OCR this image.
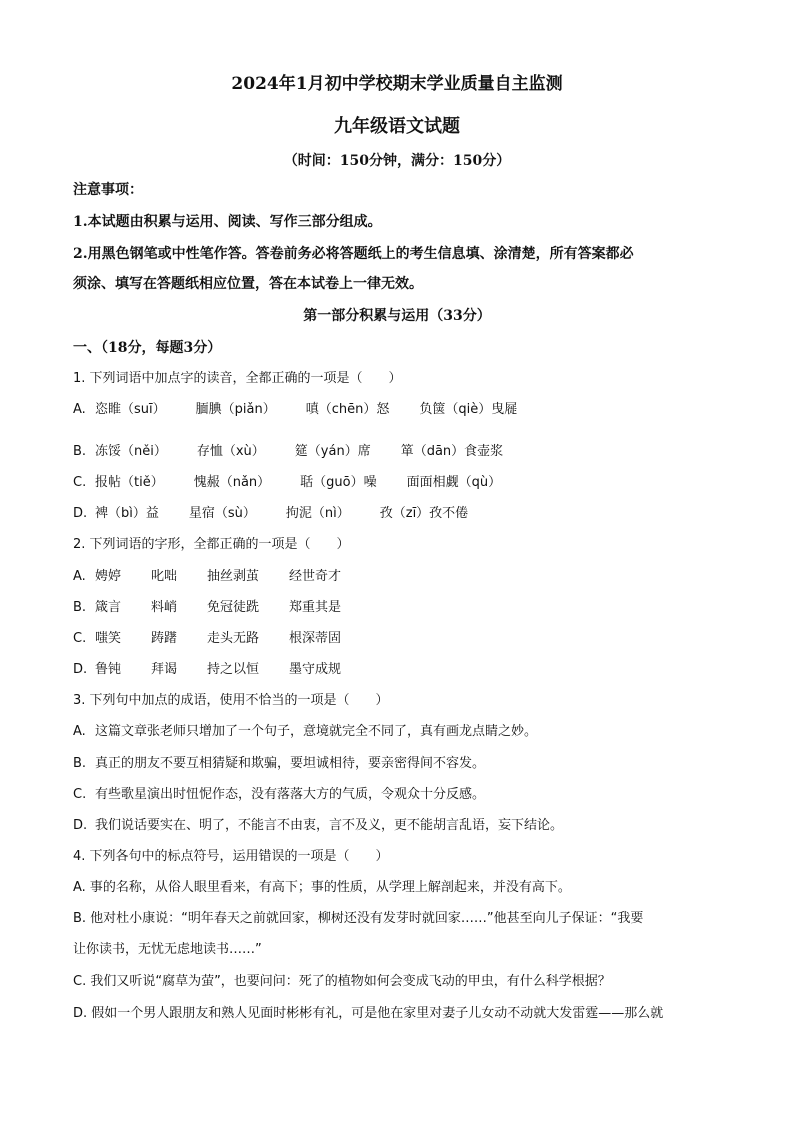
2024年1月初中学校期末学业质量自主监测
九年级语文试题
（时间：150分钟，满分：150分）
注意事项：
1.本试题由积累与运用、阅读、写作三部分组成。
2.用黑色钢笔或中性笔作答。答卷前务必将答题纸上的考生信息填、涂清楚，所有答案都必
须涂、填写在答题纸相应位置，答在本试卷上一律无效。
第一部分积累与运用（33分）
一、（18分，每题3分）
1. 下列词语中加点字的读音，全都正确的一项是（　　）
A. 恣睢（suī） 腼腆（piǎn） 嗔（chēn）怒 负箧（qiè）曳屣
B. 冻馁（něi） 存恤（xù） 筵（yán）席 箪（dān）食壶浆
C. 报帖（tiě） 愧赧（nǎn） 聒（guō）噪 面面相觑（qù）
D. 裨（bì）益 星宿（sù） 拘泥（nì） 孜（zī）孜不倦
2. 下列词语的字形，全都正确的一项是（　　）
A. 娉婷 叱咄 抽丝剥茧 经世奇才
B. 箴言 料峭 免冠徒跣 郑重其是
C. 嗤笑 踌躇 走头无路 根深蒂固
D. 鲁钝 拜谒 持之以恒 墨守成规
3. 下列句中加点的成语，使用不恰当的一项是（　　）
A. 这篇文章张老师只增加了一个句子，意境就完全不同了，真有画龙点睛之妙。
B. 真正的朋友不要互相猜疑和欺骗，要坦诚相待，要亲密得间不容发。
C. 有些歌星演出时忸怩作态，没有落落大方的气质，令观众十分反感。
D. 我们说话要实在、明了，不能言不由衷，言不及义，更不能胡言乱语，妄下结论。
4. 下列各句中的标点符号，运用错误的一项是（　　）
A. 事的名称，从俗人眼里看来，有高下；事的性质，从学理上解剖起来，并没有高下。
B. 他对杜小康说：“明年春天之前就回家，柳树还没有发芽时就回家……”他甚至向儿子保证：“我要
让你读书，无忧无虑地读书……”
C. 我们又听说“腐草为萤”，也要问问：死了的植物如何会变成飞动的甲虫，有什么科学根据？
D. 假如一个男人跟朋友和熟人见面时彬彬有礼，可是他在家里对妻子儿女动不动就大发雷霆——那么就
